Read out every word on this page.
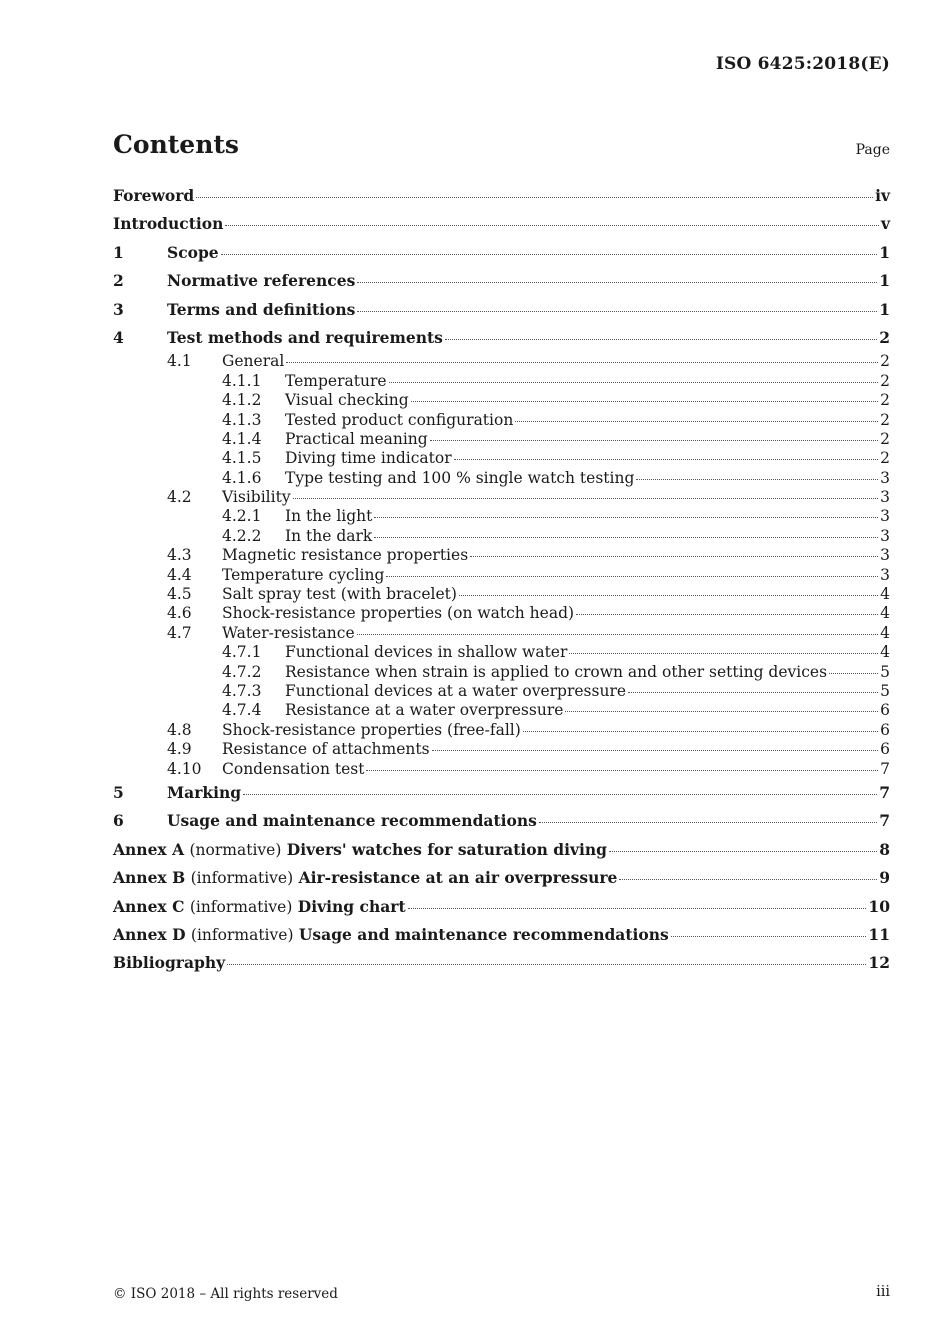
ISO 6425:2018(E)
Contents	Page
Foreword	iv
Introduction	v
1	Scope	1
2	Normative references	1
3	Terms and definitions	1
4	Test methods and requirements	2
4.1	General	2
4.1.1	Temperature	2
4.1.2	Visual checking	2
4.1.3	Tested product configuration	2
4.1.4	Practical meaning	2
4.1.5	Diving time indicator	2
4.1.6	Type testing and 100 % single watch testing	3
4.2	Visibility	3
4.2.1	In the light	3
4.2.2	In the dark	3
4.3	Magnetic resistance properties	3
4.4	Temperature cycling	3
4.5	Salt spray test (with bracelet)	4
4.6	Shock-resistance properties (on watch head)	4
4.7	Water-resistance	4
4.7.1	Functional devices in shallow water	4
4.7.2	Resistance when strain is applied to crown and other setting devices	5
4.7.3	Functional devices at a water overpressure	5
4.7.4	Resistance at a water overpressure	6
4.8	Shock-resistance properties (free-fall)	6
4.9	Resistance of attachments	6
4.10	Condensation test	7
5	Marking	7
6	Usage and maintenance recommendations	7
Annex A (normative) Divers' watches for saturation diving	8
Annex B (informative) Air-resistance at an air overpressure	9
Annex C (informative) Diving chart	10
Annex D (informative) Usage and maintenance recommendations	11
Bibliography	12
© ISO 2018 – All rights reserved	iii
